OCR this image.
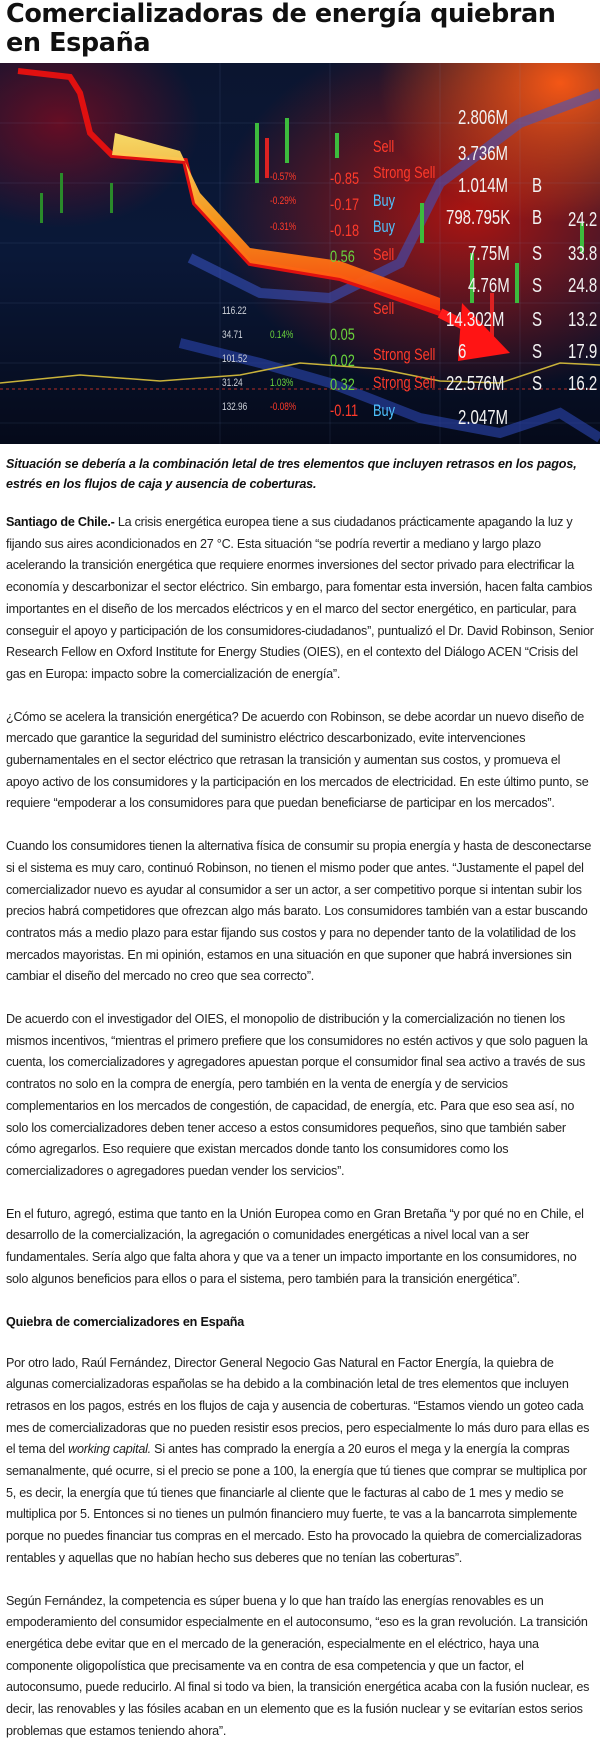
Comercializadoras de energía quiebran en España
116.22
34.71
101.52
31.24
132.96
-0.57%
-0.29%
-0.31%
0.14%
1.03%
-0.08%
-0.85
-0.17
-0.18
0.56
0.05
0.02
0.32
-0.11
Sell
Strong Sell
Buy
Buy
Sell
Sell
Strong Sell
Strong Sell
Buy
2.806M
3.736M
1.014M
798.795K
7.75M
4.76M
14.302M
6
22.576M
2.047M
B
B
S
S
S
S
S
24.2
33.8
24.8
13.2
17.9
16.2

Situación se debería a la combinación letal de tres elementos que incluyen retrasos en los pagos, estrés en los flujos de caja y ausencia de coberturas.

Santiago de Chile.- La crisis energética europea tiene a sus ciudadanos prácticamente apagando la luz y fijando sus aires acondicionados en 27 °C. Esta situación “se podría revertir a mediano y largo plazo acelerando la transición energética que requiere enormes inversiones del sector privado para electrificar la economía y descarbonizar el sector eléctrico. Sin embargo, para fomentar esta inversión, hacen falta cambios importantes en el diseño de los mercados eléctricos y en el marco del sector energético, en particular, para conseguir el apoyo y participación de los consumidores-ciudadanos”, puntualizó el Dr. David Robinson, Senior Research Fellow en Oxford Institute for Energy Studies (OIES), en el contexto del Diálogo ACEN “Crisis del gas en Europa: impacto sobre la comercialización de energía”.

¿Cómo se acelera la transición energética? De acuerdo con Robinson, se debe acordar un nuevo diseño de mercado que garantice la seguridad del suministro eléctrico descarbonizado, evite intervenciones gubernamentales en el sector eléctrico que retrasan la transición y aumentan sus costos, y promueva el apoyo activo de los consumidores y la participación en los mercados de electricidad. En este último punto, se requiere “empoderar a los consumidores para que puedan beneficiarse de participar en los mercados”.

Cuando los consumidores tienen la alternativa física de consumir su propia energía y hasta de desconectarse si el sistema es muy caro, continuó Robinson, no tienen el mismo poder que antes. “Justamente el papel del comercializador nuevo es ayudar al consumidor a ser un actor, a ser competitivo porque si intentan subir los precios habrá competidores que ofrezcan algo más barato. Los consumidores también van a estar buscando contratos más a medio plazo para estar fijando sus costos y para no depender tanto de la volatilidad de los mercados mayoristas. En mi opinión, estamos en una situación en que suponer que habrá inversiones sin cambiar el diseño del mercado no creo que sea correcto”.

De acuerdo con el investigador del OIES, el monopolio de distribución y la comercialización no tienen los mismos incentivos, “mientras el primero prefiere que los consumidores no estén activos y que solo paguen la cuenta, los comercializadores y agregadores apuestan porque el consumidor final sea activo a través de sus contratos no solo en la compra de energía, pero también en la venta de energía y de servicios complementarios en los mercados de congestión, de capacidad, de energía, etc. Para que eso sea así, no solo los comercializadores deben tener acceso a estos consumidores pequeños, sino que también saber cómo agregarlos. Eso requiere que existan mercados donde tanto los consumidores como los comercializadores o agregadores puedan vender los servicios”.

En el futuro, agregó, estima que tanto en la Unión Europea como en Gran Bretaña “y por qué no en Chile, el desarrollo de la comercialización, la agregación o comunidades energéticas a nivel local van a ser fundamentales. Sería algo que falta ahora y que va a tener un impacto importante en los consumidores, no solo algunos beneficios para ellos o para el sistema, pero también para la transición energética”.

Quiebra de comercializadores en España

Por otro lado, Raúl Fernández, Director General Negocio Gas Natural en Factor Energía, la quiebra de algunas comercializadoras españolas se ha debido a la combinación letal de tres elementos que incluyen retrasos en los pagos, estrés en los flujos de caja y ausencia de coberturas. “Estamos viendo un goteo cada mes de comercializadoras que no pueden resistir esos precios, pero especialmente lo más duro para ellas es el tema del working capital. Si antes has comprado la energía a 20 euros el mega y la energía la compras semanalmente, qué ocurre, si el precio se pone a 100, la energía que tú tienes que comprar se multiplica por 5, es decir, la energía que tú tienes que financiarle al cliente que le facturas al cabo de 1 mes y medio se multiplica por 5. Entonces si no tienes un pulmón financiero muy fuerte, te vas a la bancarrota simplemente porque no puedes financiar tus compras en el mercado. Esto ha provocado la quiebra de comercializadoras rentables y aquellas que no habían hecho sus deberes que no tenían las coberturas”.

Según Fernández, la competencia es súper buena y lo que han traído las energías renovables es un empoderamiento del consumidor especialmente en el autoconsumo, “eso es la gran revolución. La transición energética debe evitar que en el mercado de la generación, especialmente en el eléctrico, haya una componente oligopolística que precisamente va en contra de esa competencia y que un factor, el autoconsumo, puede reducirlo. Al final si todo va bien, la transición energética acaba con la fusión nuclear, es decir, las renovables y las fósiles acaban en un elemento que es la fusión nuclear y se evitarían estos serios problemas que estamos teniendo ahora”.
